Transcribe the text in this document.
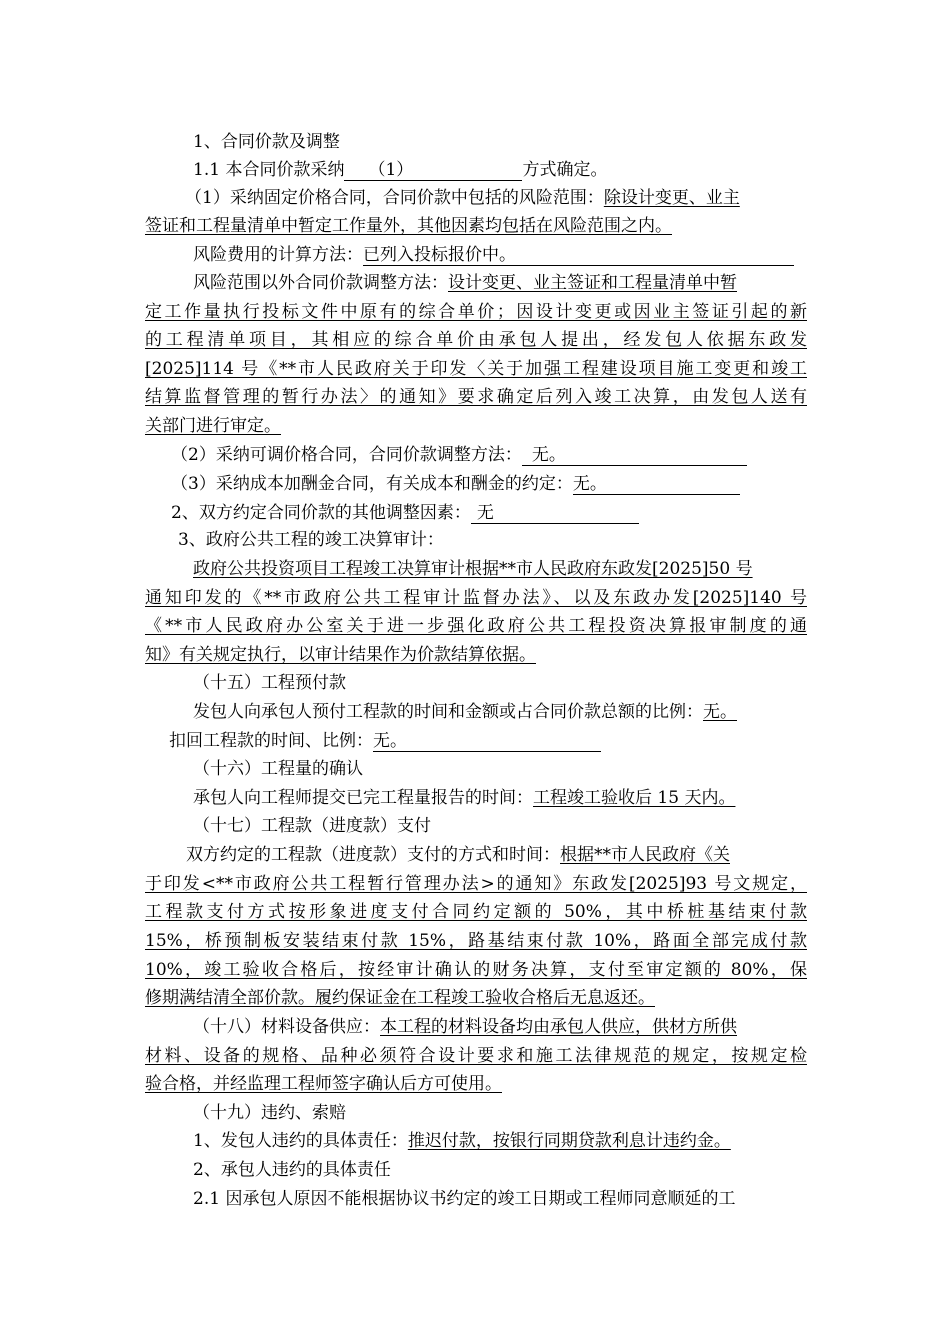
1、合同价款及调整
1.1 本合同价款采纳 （1）	方式确定。
（1）采纳固定价格合同，合同价款中包括的风险范围：除设计变更、业主
签证和工程量清单中暂定工作量外，其他因素均包括在风险范围之内。
风险费用的计算方法：已列入投标报价中。
风险范围以外合同价款调整方法：设计变更、业主签证和工程量清单中暂
定工作量执行投标文件中原有的综合单价；因设计变更或因业主签证引起的新
的工程清单项目，其相应的综合单价由承包人提出，经发包人依据东政发
[2025]114 号《**市人民政府关于印发〈关于加强工程建设项目施工变更和竣工
结算监督管理的暂行办法〉的通知》要求确定后列入竣工决算，由发包人送有
关部门进行审定。
（2）采纳可调价格合同，合同价款调整方法： 无。
（3）采纳成本加酬金合同，有关成本和酬金的约定：无。
2、双方约定合同价款的其他调整因素： 无
3、政府公共工程的竣工决算审计：
政府公共投资项目工程竣工决算审计根据**市人民政府东政发[2025]50 号
通知印发的《**市政府公共工程审计监督办法》、以及东政办发[2025]140 号
《**市人民政府办公室关于进一步强化政府公共工程投资决算报审制度的通
知》有关规定执行，以审计结果作为价款结算依据。
（十五）工程预付款
发包人向承包人预付工程款的时间和金额或占合同价款总额的比例：无。
扣回工程款的时间、比例：无。
（十六）工程量的确认
承包人向工程师提交已完工程量报告的时间：工程竣工验收后 15 天内。
（十七）工程款（进度款）支付
双方约定的工程款（进度款）支付的方式和时间：根据**市人民政府《关
于印发<**市政府公共工程暂行管理办法>的通知》东政发[2025]93 号文规定，
工程款支付方式按形象进度支付合同约定额的 50%，其中桥桩基结束付款
15%，桥预制板安装结束付款 15%，路基结束付款 10%，路面全部完成付款
10%，竣工验收合格后，按经审计确认的财务决算，支付至审定额的 80%，保
修期满结清全部价款。履约保证金在工程竣工验收合格后无息返还。
（十八）材料设备供应：本工程的材料设备均由承包人供应，供材方所供
材料、设备的规格、品种必须符合设计要求和施工法律规范的规定，按规定检
验合格，并经监理工程师签字确认后方可使用。
（十九）违约、索赔
1、发包人违约的具体责任：推迟付款，按银行同期贷款利息计违约金。
2、承包人违约的具体责任
2.1 因承包人原因不能根据协议书约定的竣工日期或工程师同意顺延的工
